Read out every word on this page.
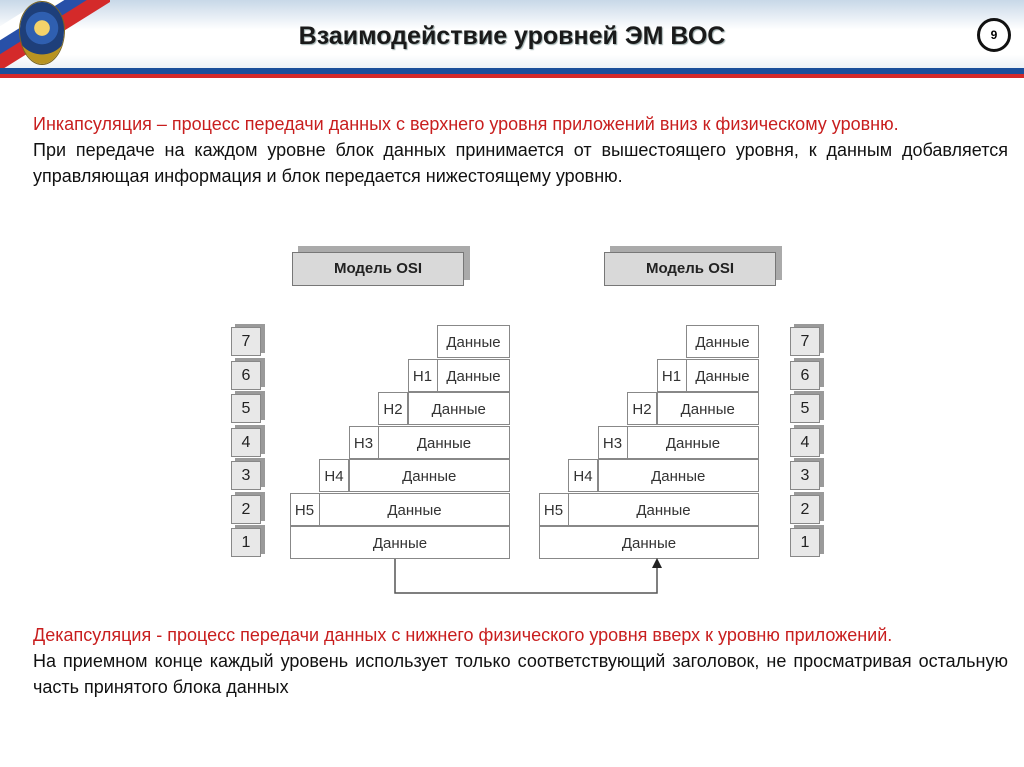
Взаимодействие уровней ЭМ ВОС	9
Инкапсуляция – процесс передачи данных с верхнего уровня приложений вниз к физическому уровню.
При передаче на каждом уровне блок данных принимается от вышестоящего уровня, к данным добавляется управляющая информация и блок передается нижестоящему уровню.
Модель OSI	Модель OSI
7
6
5
4
3
2
1
7
6
5
4
3
2
1
Данные
H1 Данные
H2	Данные
H3	Данные
H4	Данные
H5	Данные
Данные
Данные
H1 Данные
H2	Данные
H3	Данные
H4	Данные
H5	Данные
Данные
Декапсуляция - процесс передачи данных с нижнего физического уровня вверх к уровню приложений.
На приемном конце каждый уровень использует только соответствующий заголовок, не просматривая остальную часть принятого блока данных
